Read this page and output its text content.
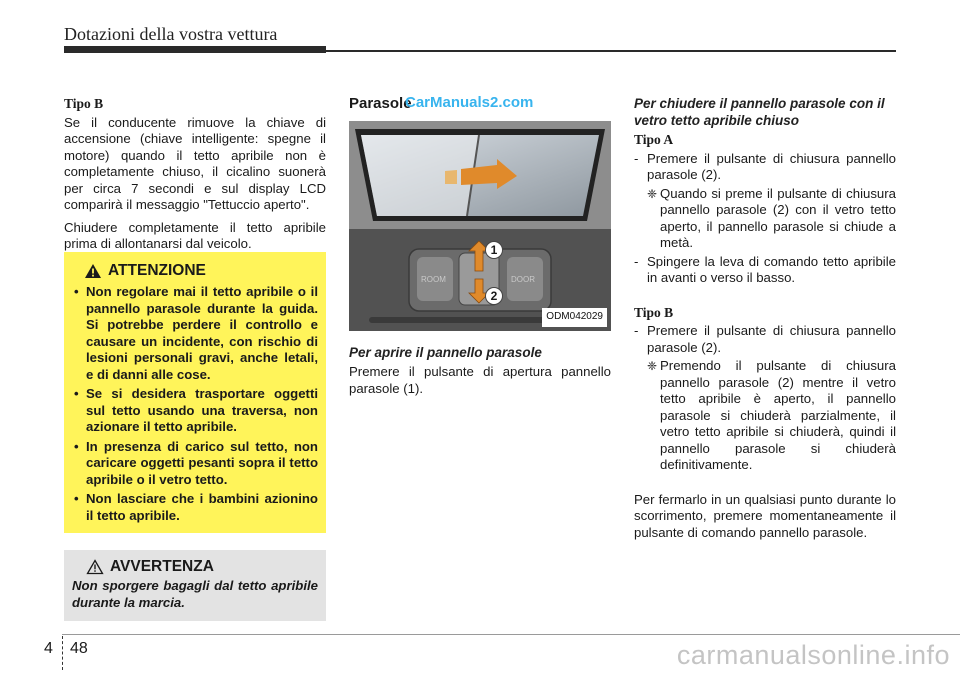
Dotazioni della vostra vettura
Tipo B

Se il conducente rimuove la chiave di accensione (chiave intelligente: spegne il motore) quando il tetto apribile non è completamente chiuso, il cicalino suonerà per circa 7 secondi e sul display LCD comparirà il messaggio "Tettuccio aperto".

Chiudere completamente il tetto apribile prima di allontanarsi dal veicolo.

ATTENZIONE
• Non regolare mai il tetto apribile o il pannello parasole durante la guida. Si potrebbe perdere il controllo e causare un incidente, con rischio di lesioni personali gravi, anche letali, e di danni alle cose.
• Se si desidera trasportare oggetti sul tetto usando una traversa, non azionare il tetto apribile.
• In presenza di carico sul tetto, non caricare oggetti pesanti sopra il tetto apribile o il vetro tetto.
• Non lasciare che i bambini azionino il tetto apribile.
AVVERTENZA

Non sporgere bagagli dal tetto apribile durante la marcia.

Parasole
CarManuals2.com
ROOM	DOOR
1
2
ODM042029
Per aprire il pannello parasole

Premere il pulsante di apertura pannello parasole (1).

Per chiudere il pannello parasole con il vetro tetto apribile chiuso
Tipo A

- Premere il pulsante di chiusura pannello parasole (2).

❈ Quando si preme il pulsante di chiusura pannello parasole (2) con il vetro tetto aperto, il pannello parasole si chiude a metà.

- Spingere la leva di comando tetto apribile in avanti o verso il basso.

Tipo B

- Premere il pulsante di chiusura pannello parasole (2).

❈ Premendo il pulsante di chiusura pannello parasole (2) mentre il vetro tetto apribile è aperto, il pannello parasole si chiuderà parzialmente, il vetro tetto apribile si chiuderà, quindi il pannello parasole si chiuderà definitivamente.

Per fermarlo in un qualsiasi punto durante lo scorrimento, premere momentaneamente il pulsante di comando pannello parasole.

4 48	carmanualsonline.info
